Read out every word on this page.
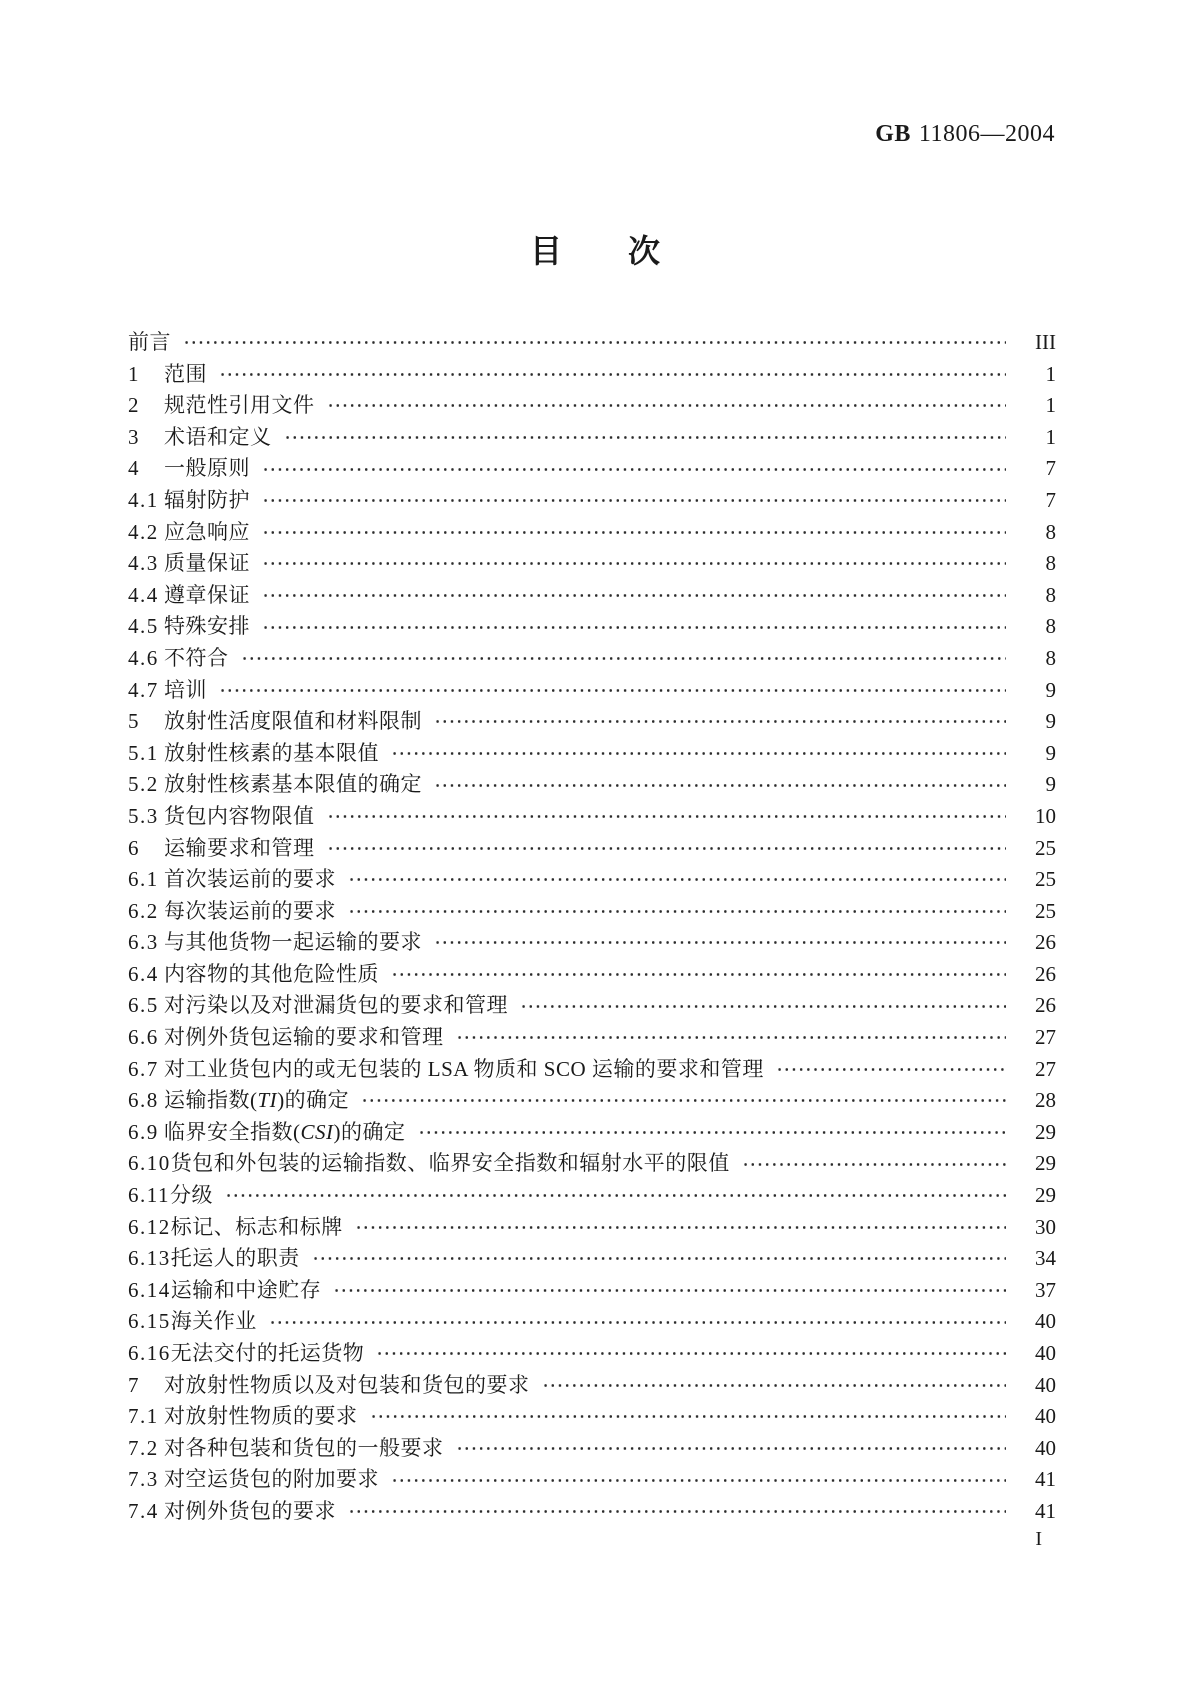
GB 11806—2004
目 次
前言	III
1	范围	1
2	规范性引用文件	1
3	术语和定义	1
4	一般原则	7
4.1 辐射防护	7
4.2 应急响应	8
4.3 质量保证	8
4.4 遵章保证	8
4.5 特殊安排	8
4.6 不符合	8
4.7 培训	9
5	放射性活度限值和材料限制	9
5.1 放射性核素的基本限值	9
5.2 放射性核素基本限值的确定	9
5.3 货包内容物限值	10
6	运输要求和管理	25
6.1 首次装运前的要求	25
6.2 每次装运前的要求	25
6.3 与其他货物一起运输的要求	26
6.4 内容物的其他危险性质	26
6.5 对污染以及对泄漏货包的要求和管理	26
6.6 对例外货包运输的要求和管理	27
6.7 对工业货包内的或无包装的 LSA 物质和 SCO 运输的要求和管理	27
6.8 运输指数(TI)的确定	28
6.9 临界安全指数(CSI)的确定	29
6.10 货包和外包装的运输指数、临界安全指数和辐射水平的限值	29
6.11 分级	29
6.12 标记、标志和标牌	30
6.13 托运人的职责	34
6.14 运输和中途贮存	37
6.15 海关作业	40
6.16 无法交付的托运货物	40
7	对放射性物质以及对包装和货包的要求	40
7.1 对放射性物质的要求	40
7.2 对各种包装和货包的一般要求	40
7.3 对空运货包的附加要求	41
7.4 对例外货包的要求	41
I
